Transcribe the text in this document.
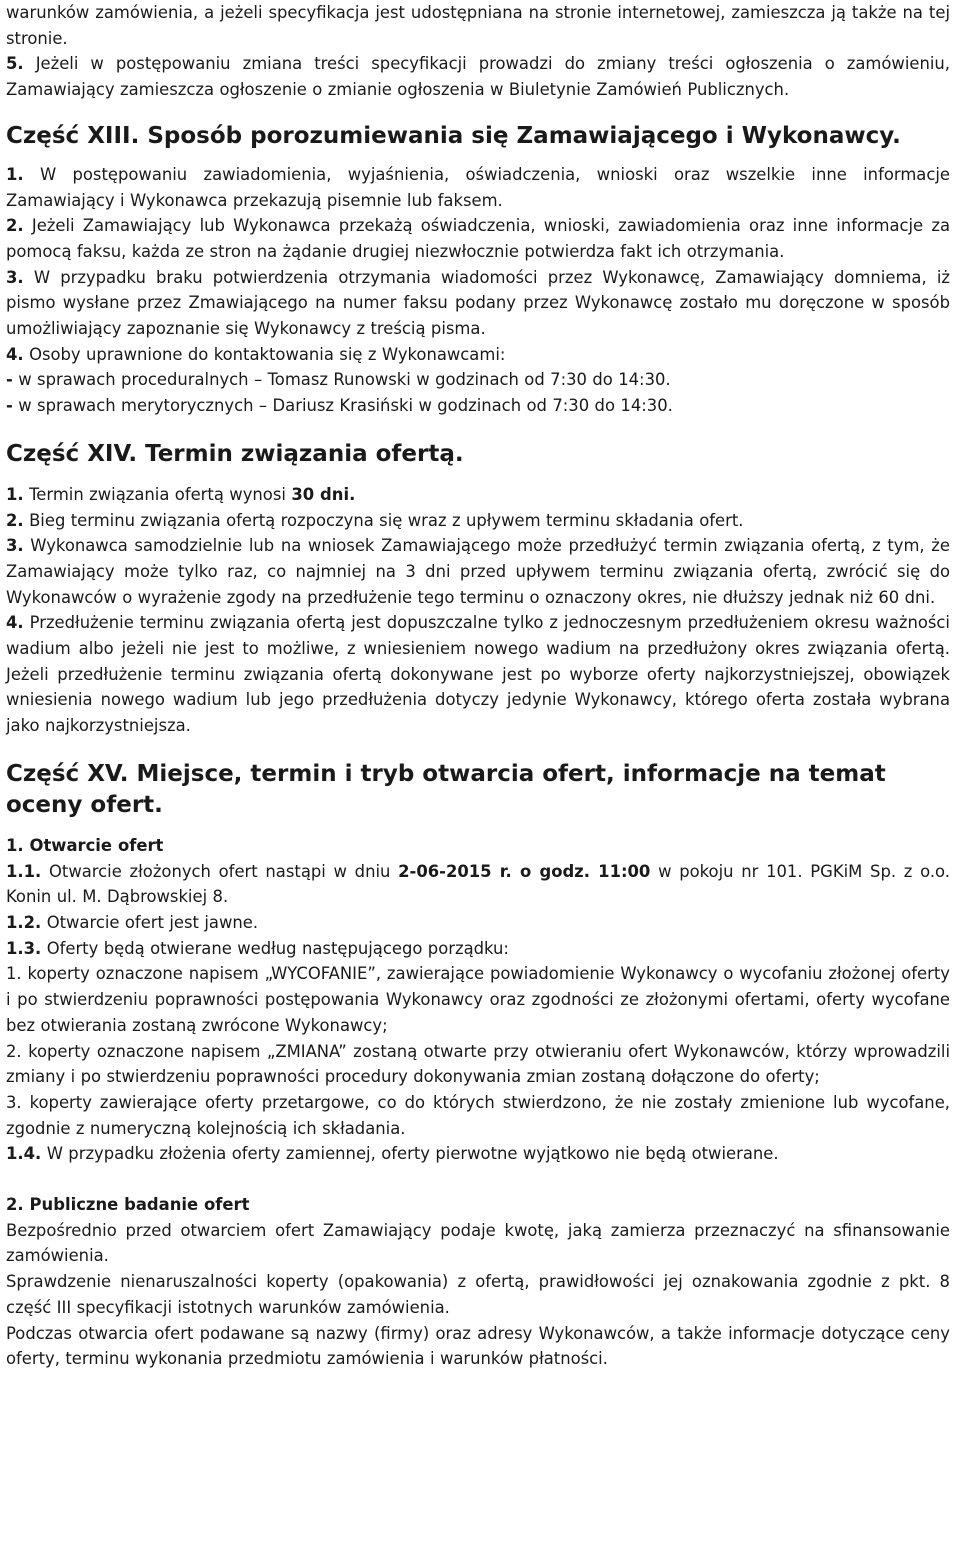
warunków zamówienia, a jeżeli specyfikacja jest udostępniana na stronie internetowej, zamieszcza ją także na tej stronie.

5. Jeżeli w postępowaniu zmiana treści specyfikacji prowadzi do zmiany treści ogłoszenia o zamówieniu, Zamawiający zamieszcza ogłoszenie o zmianie ogłoszenia w Biuletynie Zamówień Publicznych.

Część XIII. Sposób porozumiewania się Zamawiającego i Wykonawcy.

1. W postępowaniu zawiadomienia, wyjaśnienia, oświadczenia, wnioski oraz wszelkie inne informacje Zamawiający i Wykonawca przekazują pisemnie lub faksem.

2. Jeżeli Zamawiający lub Wykonawca przekażą oświadczenia, wnioski, zawiadomienia oraz inne informacje za pomocą faksu, każda ze stron na żądanie drugiej niezwłocznie potwierdza fakt ich otrzymania.

3. W przypadku braku potwierdzenia otrzymania wiadomości przez Wykonawcę, Zamawiający domniema, iż pismo wysłane przez Zmawiającego na numer faksu podany przez Wykonawcę zostało mu doręczone w sposób umożliwiający zapoznanie się Wykonawcy z treścią pisma.

4. Osoby uprawnione do kontaktowania się z Wykonawcami:

- w sprawach proceduralnych – Tomasz Runowski w godzinach od 7:30 do 14:30.

- w sprawach merytorycznych – Dariusz Krasiński w godzinach od 7:30 do 14:30.

Część XIV. Termin związania ofertą.

1. Termin związania ofertą wynosi 30 dni.

2. Bieg terminu związania ofertą rozpoczyna się wraz z upływem terminu składania ofert.

3. Wykonawca samodzielnie lub na wniosek Zamawiającego może przedłużyć termin związania ofertą, z tym, że Zamawiający może tylko raz, co najmniej na 3 dni przed upływem terminu związania ofertą, zwrócić się do Wykonawców o wyrażenie zgody na przedłużenie tego terminu o oznaczony okres, nie dłuższy jednak niż 60 dni.

4. Przedłużenie terminu związania ofertą jest dopuszczalne tylko z jednoczesnym przedłużeniem okresu ważności wadium albo jeżeli nie jest to możliwe, z wniesieniem nowego wadium na przedłużony okres związania ofertą. Jeżeli przedłużenie terminu związania ofertą dokonywane jest po wyborze oferty najkorzystniejszej, obowiązek wniesienia nowego wadium lub jego przedłużenia dotyczy jedynie Wykonawcy, którego oferta została wybrana jako najkorzystniejsza.

Część XV. Miejsce, termin i tryb otwarcia ofert, informacje na temat oceny ofert.

1. Otwarcie ofert

1.1. Otwarcie złożonych ofert nastąpi w dniu 2-06-2015 r. o godz. 11:00 w pokoju nr 101. PGKiM Sp. z o.o. Konin ul. M. Dąbrowskiej 8.

1.2. Otwarcie ofert jest jawne.

1.3. Oferty będą otwierane według następującego porządku:

1. koperty oznaczone napisem „WYCOFANIE”, zawierające powiadomienie Wykonawcy o wycofaniu złożonej oferty i po stwierdzeniu poprawności postępowania Wykonawcy oraz zgodności ze złożonymi ofertami, oferty wycofane bez otwierania zostaną zwrócone Wykonawcy;

2. koperty oznaczone napisem „ZMIANA” zostaną otwarte przy otwieraniu ofert Wykonawców, którzy wprowadzili zmiany i po stwierdzeniu poprawności procedury dokonywania zmian zostaną dołączone do oferty;

3. koperty zawierające oferty przetargowe, co do których stwierdzono, że nie zostały zmienione lub wycofane, zgodnie z numeryczną kolejnością ich składania.

1.4. W przypadku złożenia oferty zamiennej, oferty pierwotne wyjątkowo nie będą otwierane.

2. Publiczne badanie ofert

Bezpośrednio przed otwarciem ofert Zamawiający podaje kwotę, jaką zamierza przeznaczyć na sfinansowanie zamówienia.

Sprawdzenie nienaruszalności koperty (opakowania) z ofertą, prawidłowości jej oznakowania zgodnie z pkt. 8 część III specyfikacji istotnych warunków zamówienia.

Podczas otwarcia ofert podawane są nazwy (firmy) oraz adresy Wykonawców, a także informacje dotyczące ceny oferty, terminu wykonania przedmiotu zamówienia i warunków płatności.
